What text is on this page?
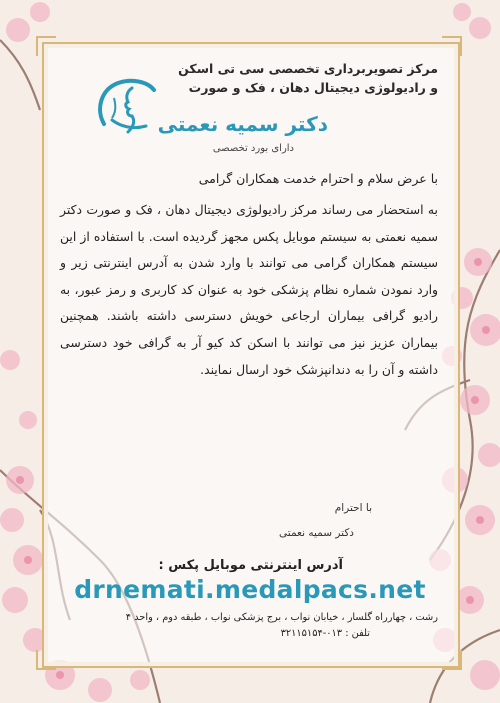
مرکز تصویربرداری تخصصی سی تی اسکن
و رادیولوژی دیجیتال دهان ، فک و صورت
دکتر سمیه نعمتی
دارای بورد تخصصی
با عرض سلام و احترام خدمت همکاران گرامی

به استحضار می رساند مرکز رادیولوژی دیجیتال دهان ، فک و صورت دکتر سمیه نعمتی به سیستم موبایل پکس مجهز گردیده است. با استفاده از این سیستم همکاران گرامی می توانند با وارد شدن به آدرس اینترنتی زیر و وارد نمودن شماره نظام پزشکی خود به عنوان کد کاربری و رمز عبور، به رادیو گرافی بیماران ارجاعی خویش دسترسی داشته باشند. همچنین بیماران عزیز نیز می توانند با اسکن کد کیو آر به گرافی خود دسترسی داشته و آن را به دندانپزشک خود ارسال نمایند.

با احترام
دکتر سمیه نعمتی
آدرس اینترنتی موبایل پکس :
drnemati.medalpacs.net
رشت ، چهارراه گلسار ، خیابان نواب ، برج پزشکی نواب ، طبقه دوم ، واحد ۴
تلفن : ۰۱۳-۳۲۱۱۵۱۵۴
